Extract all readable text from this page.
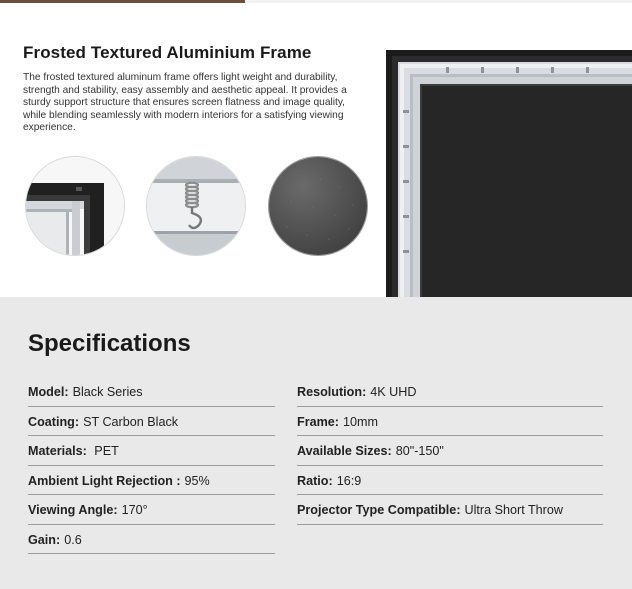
Frosted Textured Aluminium Frame

The frosted textured aluminum frame offers light weight and durability, strength and stability, easy assembly and aesthetic appeal. It provides a sturdy support structure that ensures screen flatness and image quality, while blending seamlessly with modern interiors for a satisfying viewing experience.

Specifications
Model: Black Series
Coating: ST Carbon Black
Materials: PET
Ambient Light Rejection : 95%
Viewing Angle: 170°
Gain: 0.6
Resolution: 4K UHD
Frame: 10mm
Available Sizes: 80"-150"
Ratio: 16:9
Projector Type Compatible: Ultra Short Throw
